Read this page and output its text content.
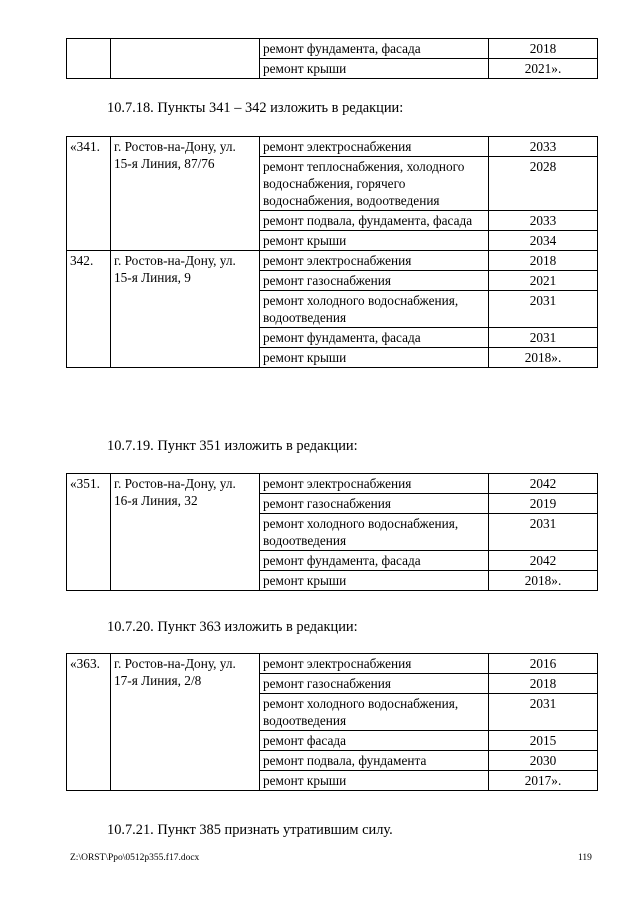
		ремонт фундамента, фасада	2018
		ремонт крыши	2021».
10.7.18. Пункты 341 – 342 изложить в редакции:
«341.	г. Ростов-на-Дону, ул. 15-я Линия, 87/76	ремонт электроснабжения	2033
		ремонт теплоснабжения, холодного водоснабжения, горячего водоснабжения, водоотведения	2028
		ремонт подвала, фундамента, фасада	2033
		ремонт крыши	2034
342.	г. Ростов-на-Дону, ул. 15-я Линия, 9	ремонт электроснабжения	2018
		ремонт газоснабжения	2021
		ремонт холодного водоснабжения, водоотведения	2031
		ремонт фундамента, фасада	2031
		ремонт крыши	2018».
10.7.19. Пункт 351 изложить в редакции:
«351.	г. Ростов-на-Дону, ул. 16-я Линия, 32	ремонт электроснабжения	2042
		ремонт газоснабжения	2019
		ремонт холодного водоснабжения, водоотведения	2031
		ремонт фундамента, фасада	2042
		ремонт крыши	2018».
10.7.20. Пункт 363 изложить в редакции:
«363.	г. Ростов-на-Дону, ул. 17-я Линия, 2/8	ремонт электроснабжения	2016
		ремонт газоснабжения	2018
		ремонт холодного водоснабжения, водоотведения	2031
		ремонт фасада	2015
		ремонт подвала, фундамента	2030
		ремонт крыши	2017».
10.7.21. Пункт 385 признать утратившим силу.
Z:\ORST\Ppo\0512p355.f17.docx	119
